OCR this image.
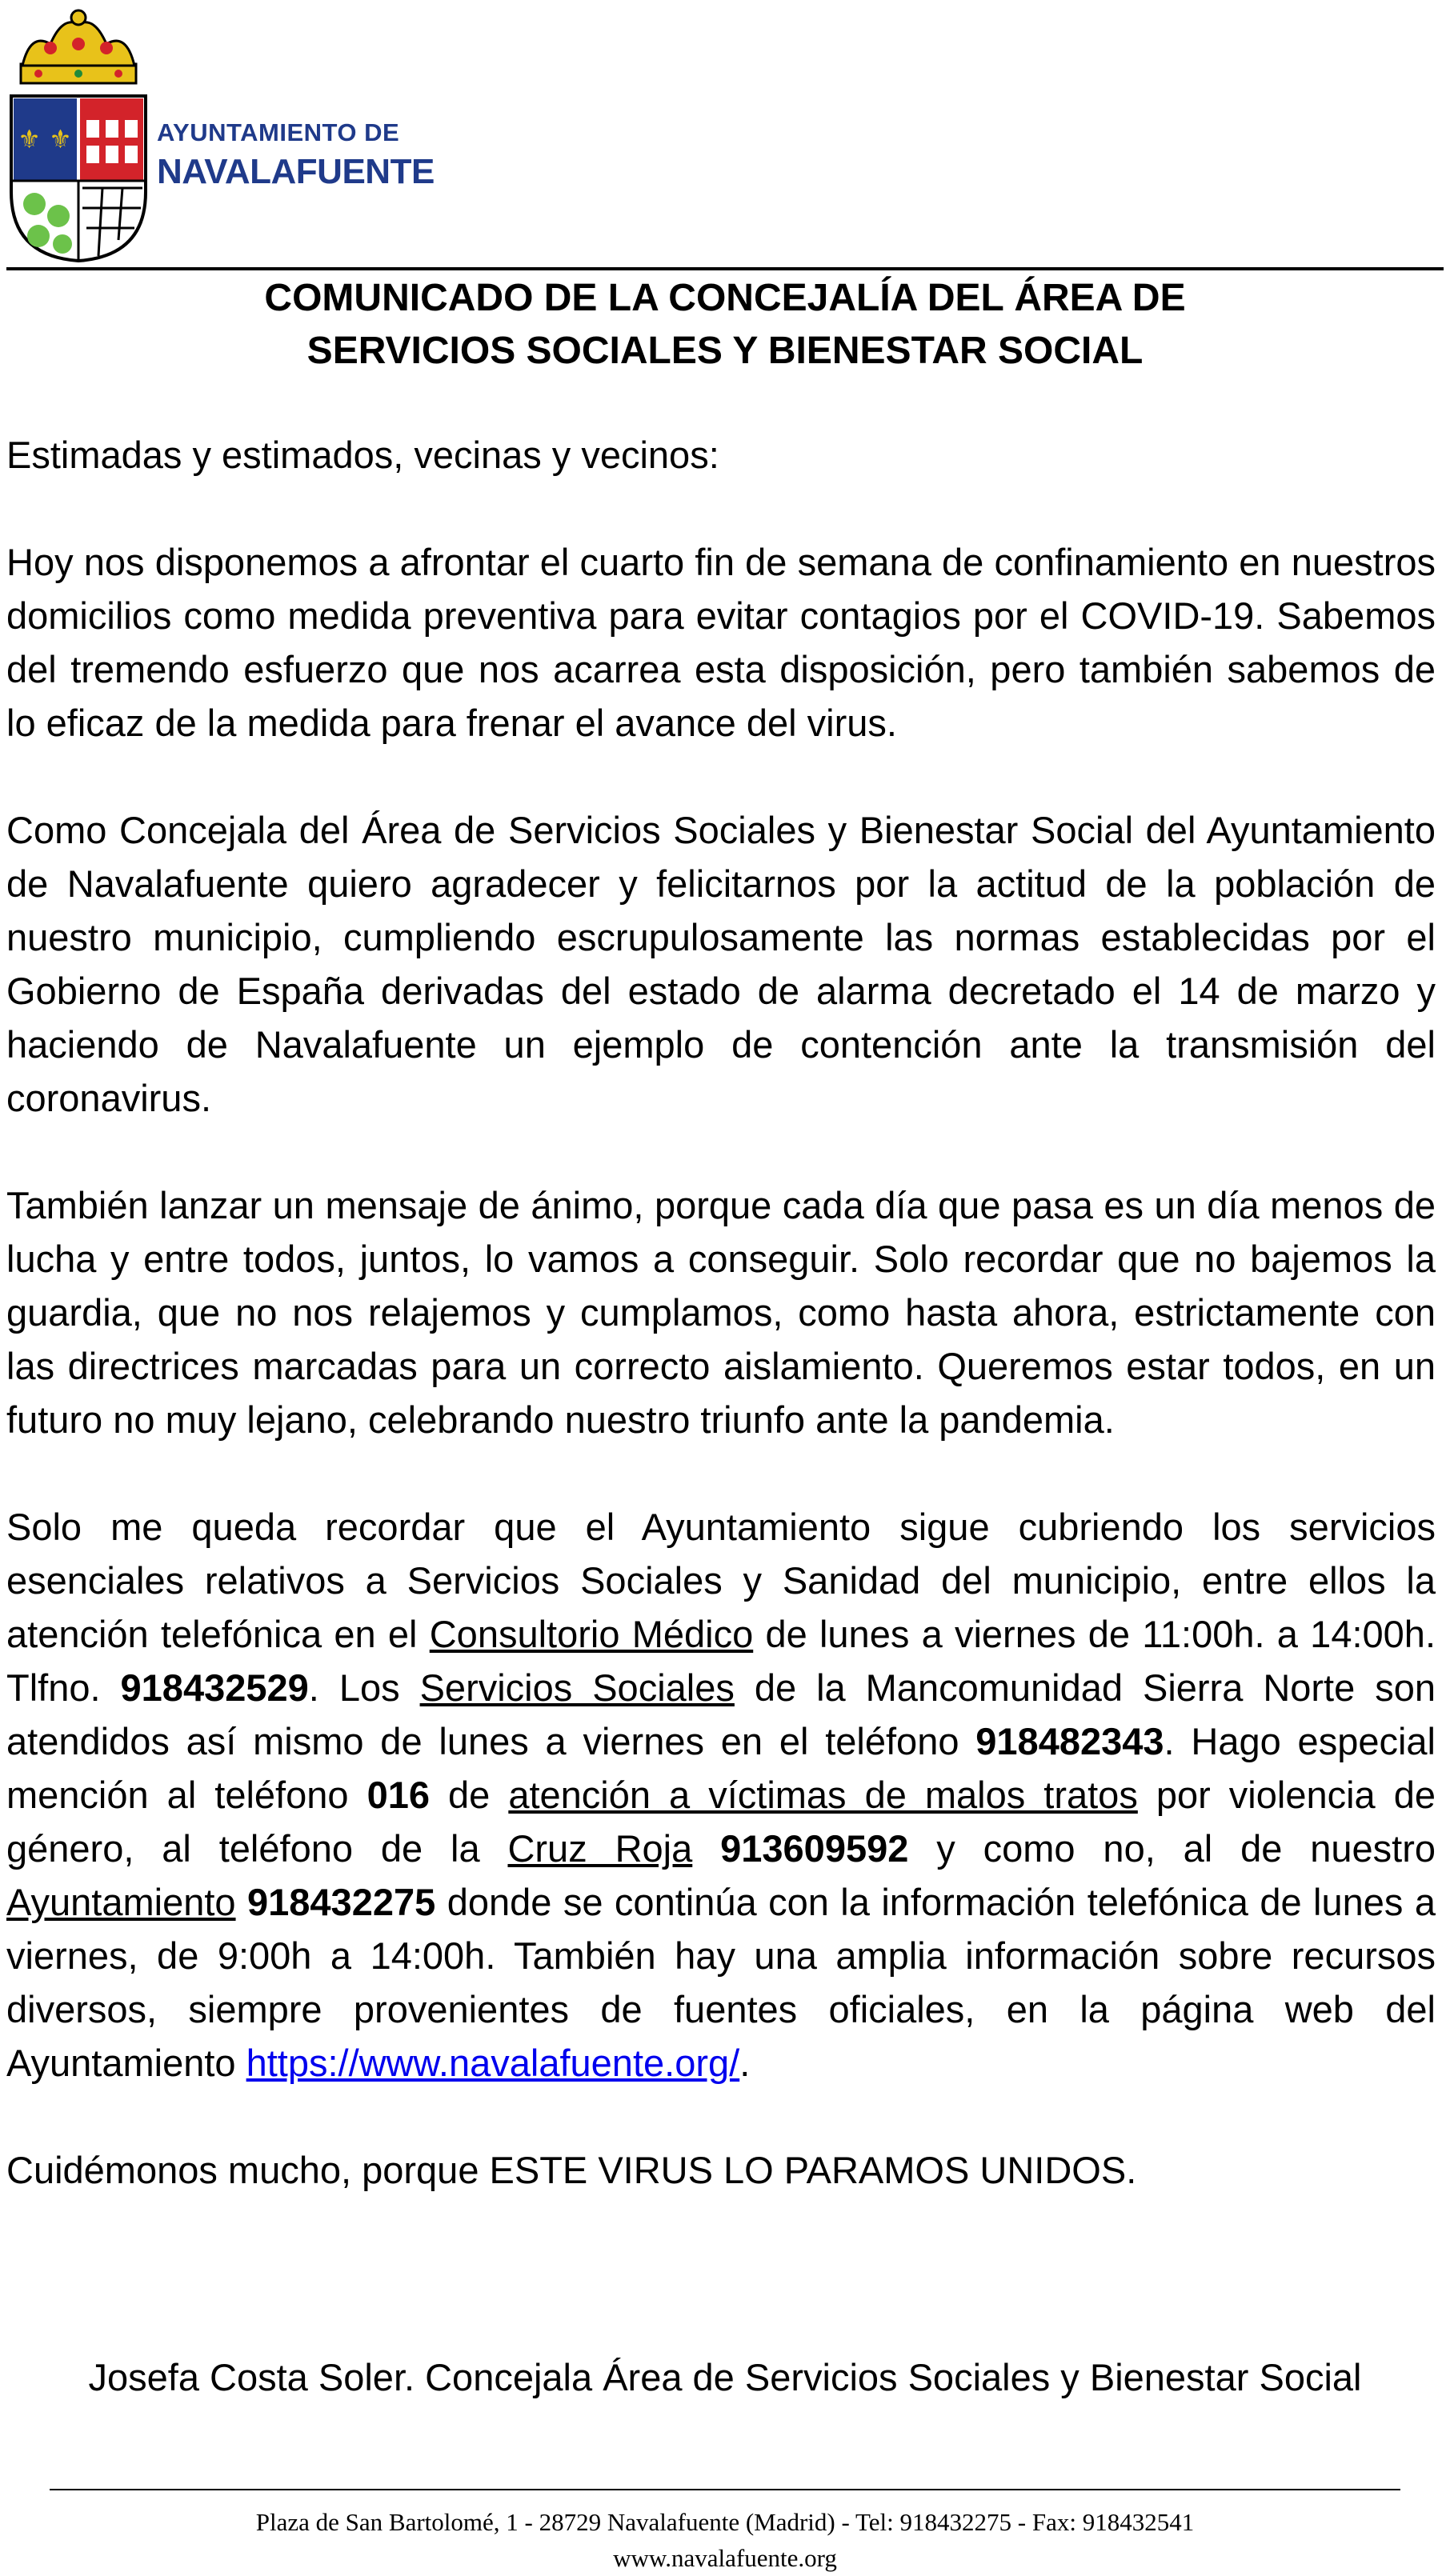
⚜ ⚜	AYUNTAMIENTO DE
NAVALAFUENTE
COMUNICADO DE LA CONCEJALÍA DEL ÁREA DE
SERVICIOS SOCIALES Y BIENESTAR SOCIAL

Estimadas y estimados, vecinas y vecinos:

Hoy nos disponemos a afrontar el cuarto fin de semana de confinamiento en nuestros domicilios como medida preventiva para evitar contagios por el COVID-19. Sabemos del tremendo esfuerzo que nos acarrea esta disposición, pero también sabemos de lo eficaz de la medida para frenar el avance del virus.

Como Concejala del Área de Servicios Sociales y Bienestar Social del Ayuntamiento de Navalafuente quiero agradecer y felicitarnos por la actitud de la población de nuestro municipio, cumpliendo escrupulosamente las normas establecidas por el Gobierno de España derivadas del estado de alarma decretado el 14 de marzo y haciendo de Navalafuente un ejemplo de contención ante la transmisión del coronavirus.

También lanzar un mensaje de ánimo, porque cada día que pasa es un día menos de lucha y entre todos, juntos, lo vamos a conseguir. Solo recordar que no bajemos la guardia, que no nos relajemos y cumplamos, como hasta ahora, estrictamente con las directrices marcadas para un correcto aislamiento. Queremos estar todos, en un futuro no muy lejano, celebrando nuestro triunfo ante la pandemia.

Solo me queda recordar que el Ayuntamiento sigue cubriendo los servicios esenciales relativos a Servicios Sociales y Sanidad del municipio, entre ellos la atención telefónica en el Consultorio Médico de lunes a viernes de 11:00h. a 14:00h. Tlfno. 918432529. Los Servicios Sociales de la Mancomunidad Sierra Norte son atendidos así mismo de lunes a viernes en el teléfono 918482343. Hago especial mención al teléfono 016 de atención a víctimas de malos tratos por violencia de género, al teléfono de la Cruz Roja 913609592 y como no, al de nuestro Ayuntamiento 918432275 donde se continúa con la información telefónica de lunes a viernes, de 9:00h a 14:00h. También hay una amplia información sobre recursos diversos, siempre provenientes de fuentes oficiales, en la página web del Ayuntamiento https://www.navalafuente.org/.

Cuidémonos mucho, porque ESTE VIRUS LO PARAMOS UNIDOS.

Josefa Costa Soler. Concejala Área de Servicios Sociales y Bienestar Social
Plaza de San Bartolomé, 1 - 28729 Navalafuente (Madrid) - Tel: 918432275 - Fax: 918432541
www.navalafuente.org
